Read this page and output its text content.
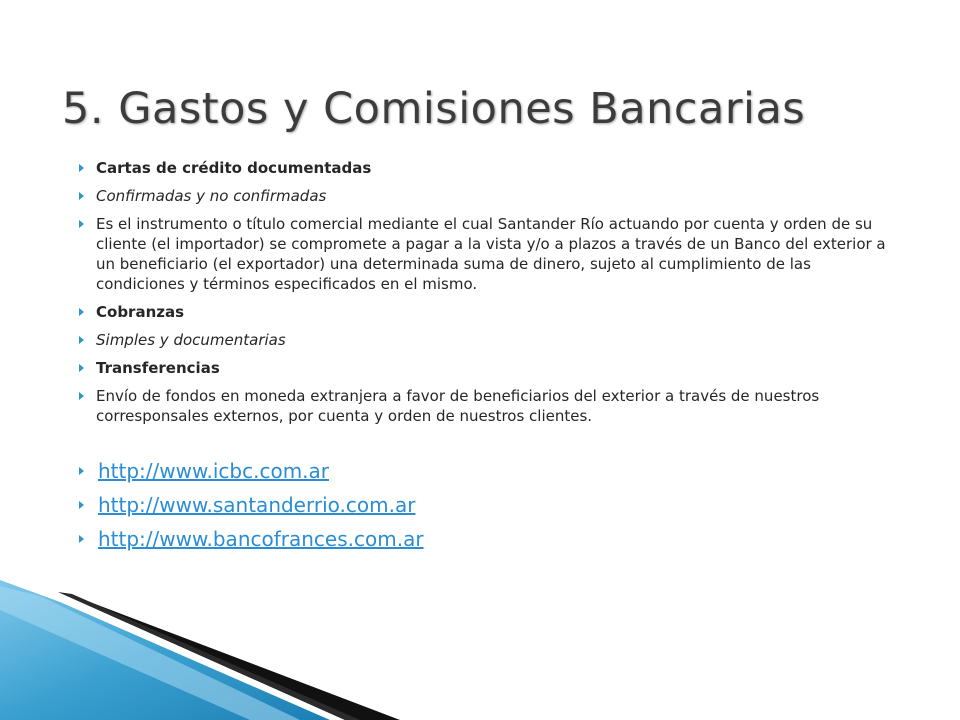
5. Gastos y Comisiones Bancarias
Cartas de crédito documentadas
Confirmadas y no confirmadas
Es el instrumento o título comercial mediante el cual Santander Río actuando por cuenta y orden de su cliente (el importador) se compromete a pagar a la vista y/o a plazos a través de un Banco del exterior a un beneficiario (el exportador) una determinada suma de dinero, sujeto al cumplimiento de las condiciones y términos especificados en el mismo.
Cobranzas
Simples y documentarias
Transferencias
Envío de fondos en moneda extranjera a favor de beneficiarios del exterior a través de nuestros corresponsales externos, por cuenta y orden de nuestros clientes.
http://www.icbc.com.ar
http://www.santanderrio.com.ar
http://www.bancofrances.com.ar
